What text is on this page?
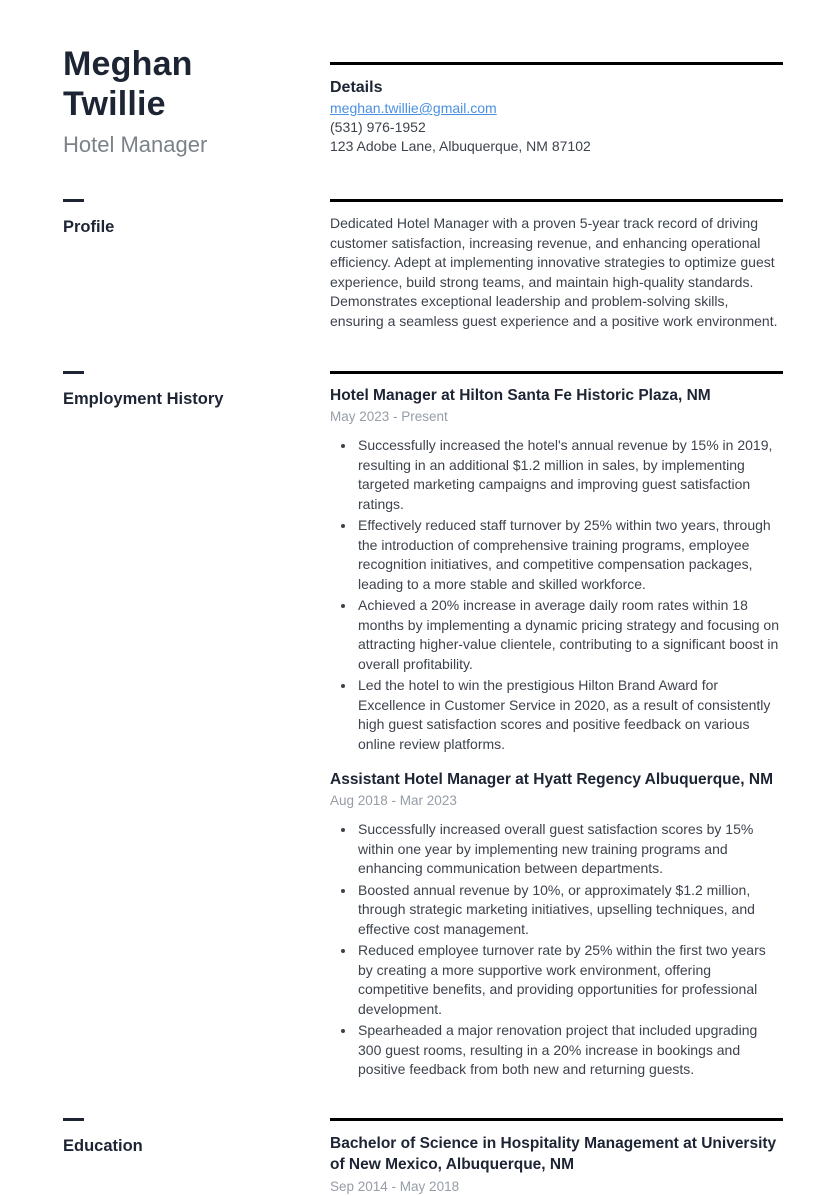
Meghan
Twillie
Hotel Manager
Details
meghan.twillie@gmail.com
(531) 976-1952
123 Adobe Lane, Albuquerque, NM 87102
Profile	Dedicated Hotel Manager with a proven 5-year track record of driving customer satisfaction, increasing revenue, and enhancing operational efficiency. Adept at implementing innovative strategies to optimize guest experience, build strong teams, and maintain high-quality standards. Demonstrates exceptional leadership and problem-solving skills, ensuring a seamless guest experience and a positive work environment.

Employment History	Hotel Manager at Hilton Santa Fe Historic Plaza, NM
May 2023 - Present
• Successfully increased the hotel's annual revenue by 15% in 2019, resulting in an additional $1.2 million in sales, by implementing targeted marketing campaigns and improving guest satisfaction ratings.
• Effectively reduced staff turnover by 25% within two years, through the introduction of comprehensive training programs, employee recognition initiatives, and competitive compensation packages, leading to a more stable and skilled workforce.
• Achieved a 20% increase in average daily room rates within 18 months by implementing a dynamic pricing strategy and focusing on attracting higher-value clientele, contributing to a significant boost in overall profitability.
• Led the hotel to win the prestigious Hilton Brand Award for Excellence in Customer Service in 2020, as a result of consistently high guest satisfaction scores and positive feedback on various online review platforms.
Assistant Hotel Manager at Hyatt Regency Albuquerque, NM
Aug 2018 - Mar 2023
• Successfully increased overall guest satisfaction scores by 15% within one year by implementing new training programs and enhancing communication between departments.
• Boosted annual revenue by 10%, or approximately $1.2 million, through strategic marketing initiatives, upselling techniques, and effective cost management.
• Reduced employee turnover rate by 25% within the first two years by creating a more supportive work environment, offering competitive benefits, and providing opportunities for professional development.
• Spearheaded a major renovation project that included upgrading 300 guest rooms, resulting in a 20% increase in bookings and positive feedback from both new and returning guests.
Education	Bachelor of Science in Hospitality Management at University of New Mexico, Albuquerque, NM
Sep 2014 - May 2018
